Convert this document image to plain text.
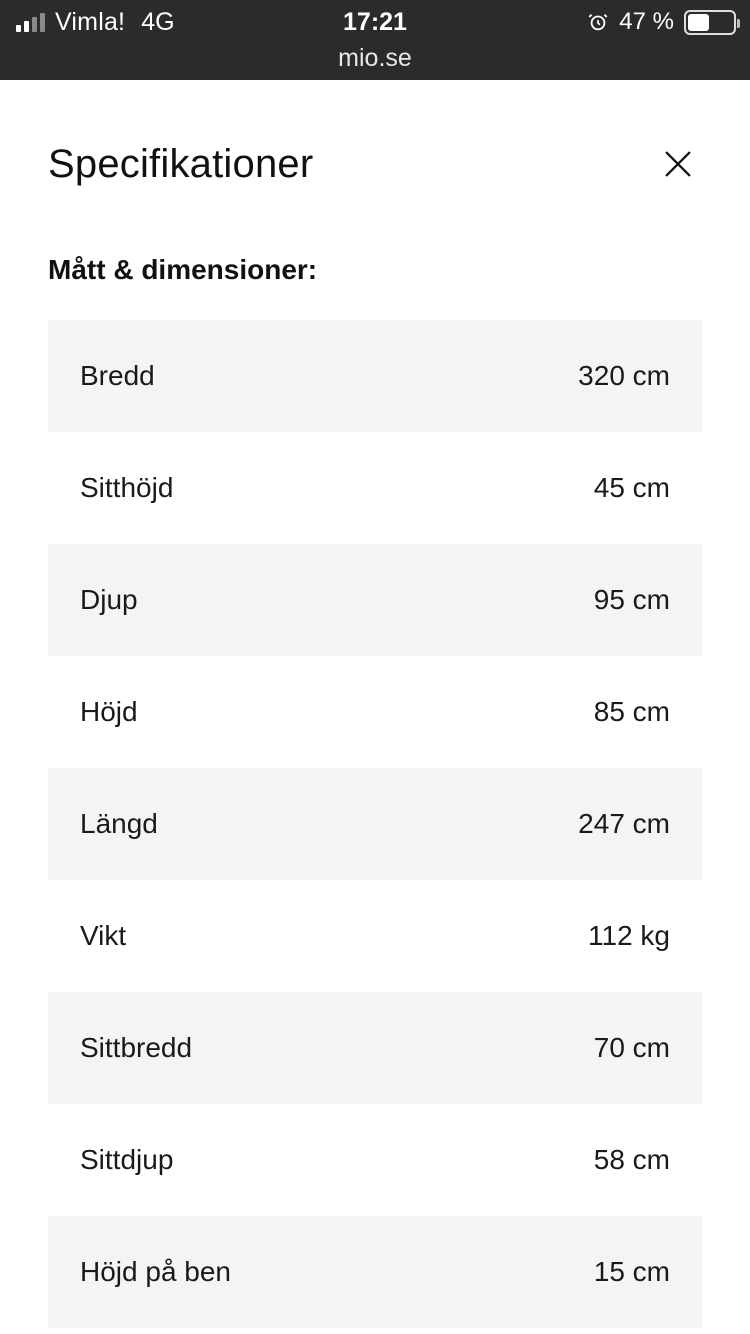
Vimla! 4G	17:21	47 %
mio.se
Specifikationer
Mått & dimensioner:
Bredd	320 cm
Sitthöjd	45 cm
Djup	95 cm
Höjd	85 cm
Längd	247 cm
Vikt	112 kg
Sittbredd	70 cm
Sittdjup	58 cm
Höjd på ben	15 cm
